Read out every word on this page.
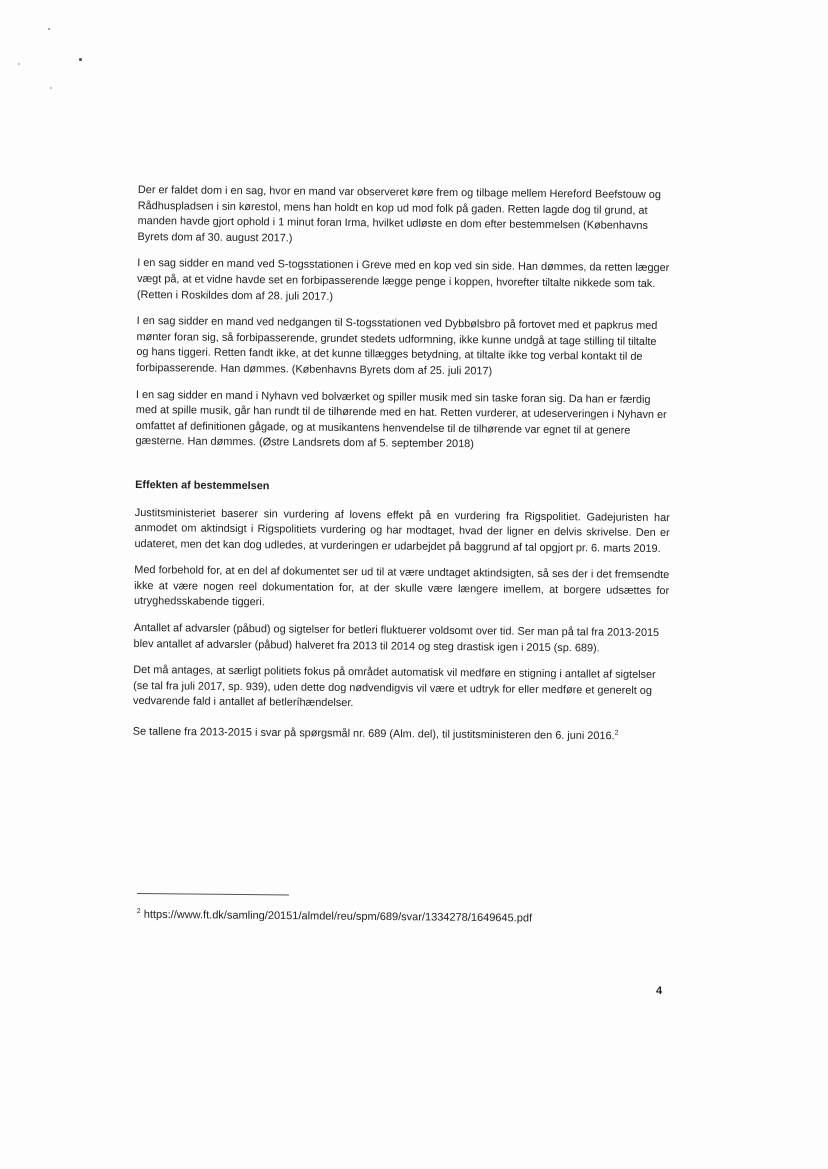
Der er faldet dom i en sag, hvor en mand var observeret køre frem og tilbage mellem Hereford Beefstouw og Rådhuspladsen i sin kørestol, mens han holdt en kop ud mod folk på gaden. Retten lagde dog til grund, at manden havde gjort ophold i 1 minut foran Irma, hvilket udløste en dom efter bestemmelsen (Københavns Byrets dom af 30. august 2017.)

I en sag sidder en mand ved S-togsstationen i Greve med en kop ved sin side. Han dømmes, da retten lægger vægt på, at et vidne havde set en forbipasserende lægge penge i koppen, hvorefter tiltalte nikkede som tak. (Retten i Roskildes dom af 28. juli 2017.)

I en sag sidder en mand ved nedgangen til S-togsstationen ved Dybbølsbro på fortovet med et papkrus med mønter foran sig, så forbipasserende, grundet stedets udformning, ikke kunne undgå at tage stilling til tiltalte og hans tiggeri. Retten fandt ikke, at det kunne tillægges betydning, at tiltalte ikke tog verbal kontakt til de forbipasserende. Han dømmes. (Københavns Byrets dom af 25. juli 2017)

I en sag sidder en mand i Nyhavn ved bolværket og spiller musik med sin taske foran sig. Da han er færdig med at spille musik, går han rundt til de tilhørende med en hat. Retten vurderer, at udeserveringen i Nyhavn er omfattet af definitionen gågade, og at musikantens henvendelse til de tilhørende var egnet til at genere gæsterne. Han dømmes. (Østre Landsrets dom af 5. september 2018)

Effekten af bestemmelsen

Justitsministeriet baserer sin vurdering af lovens effekt på en vurdering fra Rigspolitiet. Gadejuristen har anmodet om aktindsigt i Rigspolitiets vurdering og har modtaget, hvad der ligner en delvis skrivelse. Den er udateret, men det kan dog udledes, at vurderingen er udarbejdet på baggrund af tal opgjort pr. 6. marts 2019.

Med forbehold for, at en del af dokumentet ser ud til at være undtaget aktindsigten, så ses der i det fremsendte ikke at være nogen reel dokumentation for, at der skulle være længere imellem, at borgere udsættes for utryghedsskabende tiggeri.

Antallet af advarsler (påbud) og sigtelser for betleri fluktuerer voldsomt over tid. Ser man på tal fra 2013-2015 blev antallet af advarsler (påbud) halveret fra 2013 til 2014 og steg drastisk igen i 2015 (sp. 689).

Det må antages, at særligt politiets fokus på området automatisk vil medføre en stigning i antallet af sigtelser (se tal fra juli 2017, sp. 939), uden dette dog nødvendigvis vil være et udtryk for eller medføre et generelt og vedvarende fald i antallet af betleríhændelser.

Se tallene fra 2013-2015 i svar på spørgsmål nr. 689 (Alm. del), til justitsministeren den 6. juni 2016.$^2$

$^2$ https://www.ft.dk/samling/20151/almdel/reu/spm/689/svar/1334278/1649645.pdf
4
